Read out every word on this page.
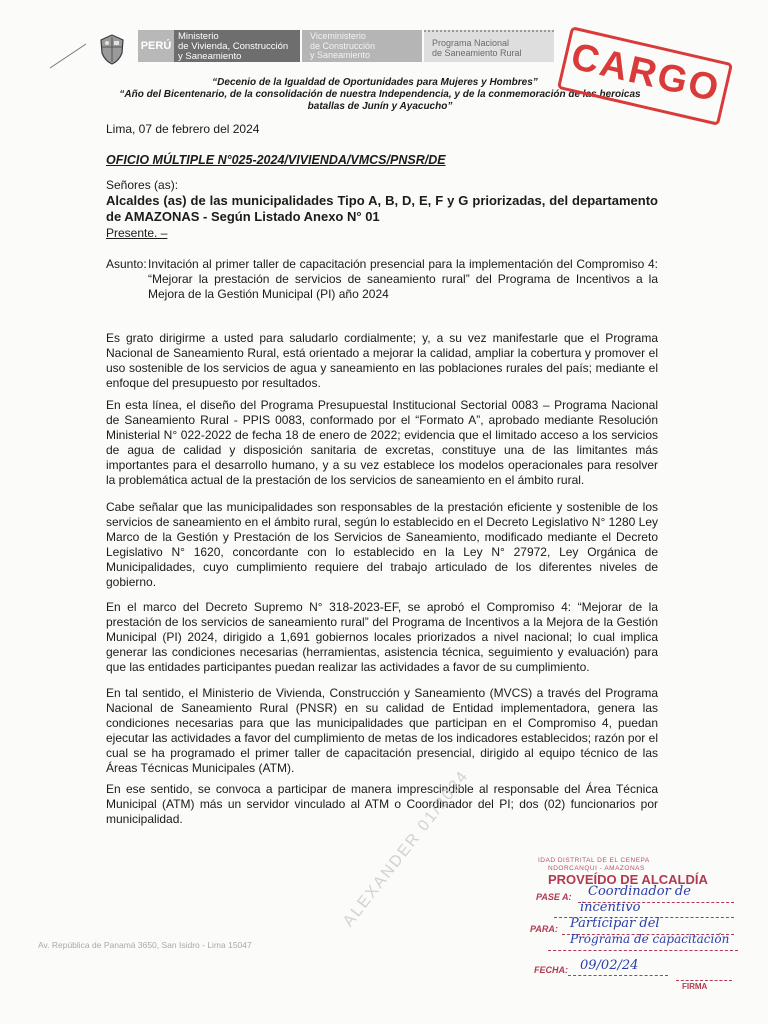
PERÚ
Ministerio
de Vivienda, Construcción
y Saneamiento
Viceministerio
de Construcción
y Saneamiento
Programa Nacional
de Saneamiento Rural
“Decenio de la Igualdad de Oportunidades para Mujeres y Hombres”
“Año del Bicentenario, de la consolidación de nuestra Independencia, y de la conmemoración de las heroicas
batallas de Junín y Ayacucho”	CARGO
Lima, 07 de febrero del 2024
OFICIO MÚLTIPLE N°025-2024/VIVIENDA/VMCS/PNSR/DE
Señores (as):
Alcaldes (as) de las municipalidades Tipo A, B, D, E, F y G priorizadas, del departamento de AMAZONAS - Según Listado Anexo N° 01
Presente. –
Asunto: Invitación al primer taller de capacitación presencial para la implementación del Compromiso 4: “Mejorar la prestación de servicios de saneamiento rural” del Programa de Incentivos a la Mejora de la Gestión Municipal (PI) año 2024
Es grato dirigirme a usted para saludarlo cordialmente; y, a su vez manifestarle que el Programa Nacional de Saneamiento Rural, está orientado a mejorar la calidad, ampliar la cobertura y promover el uso sostenible de los servicios de agua y saneamiento en las poblaciones rurales del país; mediante el enfoque del presupuesto por resultados.
En esta línea, el diseño del Programa Presupuestal Institucional Sectorial 0083 – Programa Nacional de Saneamiento Rural - PPIS 0083, conformado por el “Formato A”, aprobado mediante Resolución Ministerial N° 022-2022 de fecha 18 de enero de 2022; evidencia que el limitado acceso a los servicios de agua de calidad y disposición sanitaria de excretas, constituye una de las limitantes más importantes para el desarrollo humano, y a su vez establece los modelos operacionales para resolver la problemática actual de la prestación de los servicios de saneamiento en el ámbito rural.
Cabe señalar que las municipalidades son responsables de la prestación eficiente y sostenible de los servicios de saneamiento en el ámbito rural, según lo establecido en el Decreto Legislativo N° 1280 Ley Marco de la Gestión y Prestación de los Servicios de Saneamiento, modificado mediante el Decreto Legislativo N° 1620, concordante con lo establecido en la Ley N° 27972, Ley Orgánica de Municipalidades, cuyo cumplimiento requiere del trabajo articulado de los diferentes niveles de gobierno.
En el marco del Decreto Supremo N° 318-2023-EF, se aprobó el Compromiso 4: “Mejorar de la prestación de los servicios de saneamiento rural” del Programa de Incentivos a la Mejora de la Gestión Municipal (PI) 2024, dirigido a 1,691 gobiernos locales priorizados a nivel nacional; lo cual implica generar las condiciones necesarias (herramientas, asistencia técnica, seguimiento y evaluación) para que las entidades participantes puedan realizar las actividades a favor de su cumplimiento.
En tal sentido, el Ministerio de Vivienda, Construcción y Saneamiento (MVCS) a través del Programa Nacional de Saneamiento Rural (PNSR) en su calidad de Entidad implementadora, genera las condiciones necesarias para que las municipalidades que participan en el Compromiso 4, puedan ejecutar las actividades a favor del cumplimiento de metas de los indicadores establecidos; razón por el cual se ha programado el primer taller de capacitación presencial, dirigido al equipo técnico de las Áreas Técnicas Municipales (ATM).
En ese sentido, se convoca a participar de manera imprescindible al responsable del Área Técnica Municipal (ATM) más un servidor vinculado al ATM o Coordinador del PI; dos (02) funcionarios por municipalidad.	ALEXANDER 01/2024
Av. República de Panamá 3650, San Isidro - Lima 15047
IDAD DISTRITAL DE EL CENEPA
NDORCANQUI - AMAZONAS
PROVEÍDO DE ALCALDÍA
PASE A: Coordinador de
incentivo
PARA: Participar del
Programa de capacitación
FECHA: 09/02/24
FIRMA
